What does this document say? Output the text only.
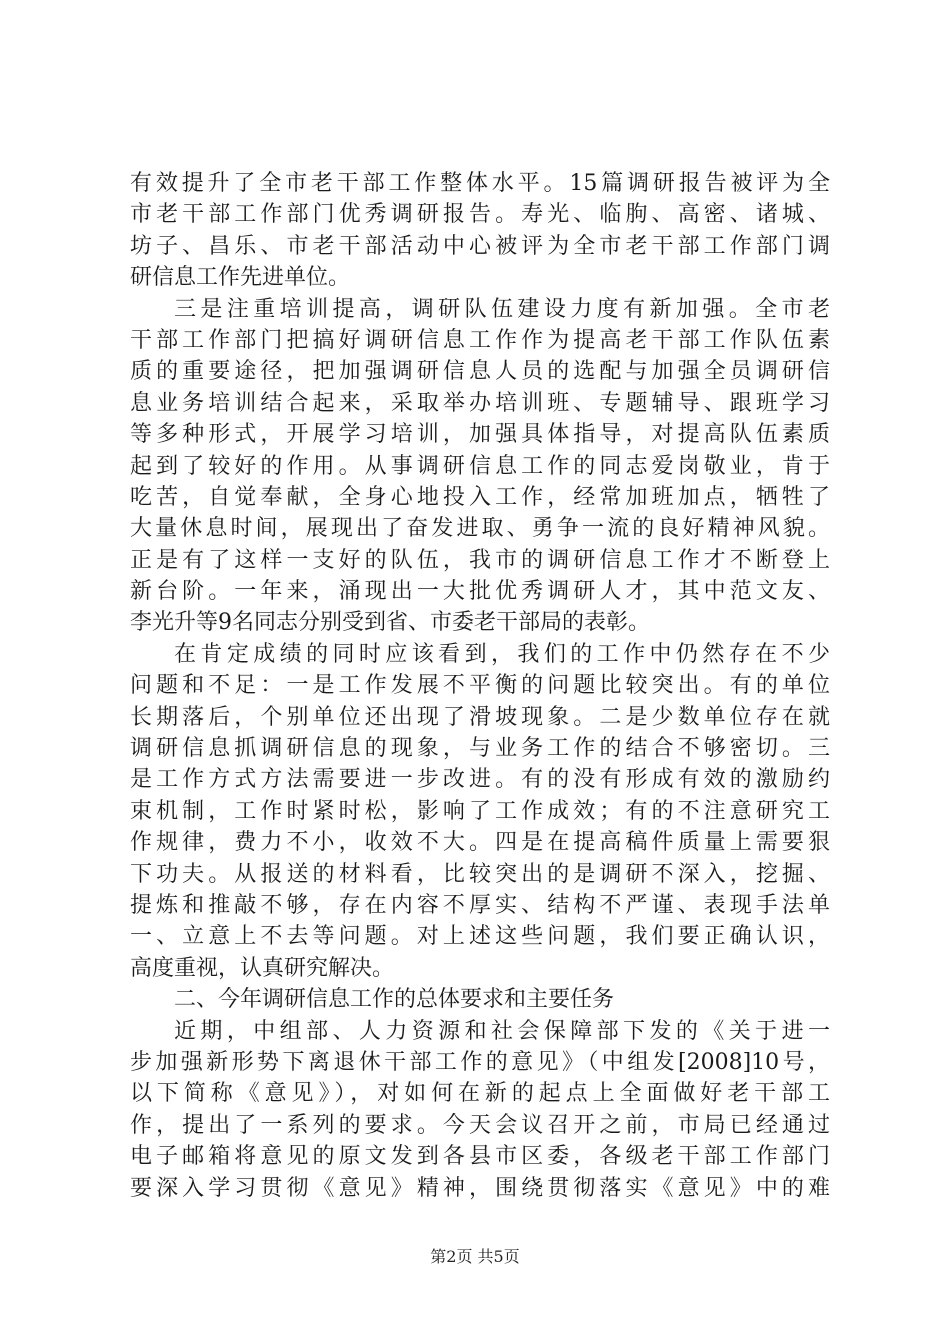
有效提升了全市老干部工作整体水平。15篇调研报告被评为全
市老干部工作部门优秀调研报告。寿光、临朐、高密、诸城、
坊子、昌乐、市老干部活动中心被评为全市老干部工作部门调
研信息工作先进单位。
三是注重培训提高，调研队伍建设力度有新加强。全市老
干部工作部门把搞好调研信息工作作为提高老干部工作队伍素
质的重要途径，把加强调研信息人员的选配与加强全员调研信
息业务培训结合起来，采取举办培训班、专题辅导、跟班学习
等多种形式，开展学习培训，加强具体指导，对提高队伍素质
起到了较好的作用。从事调研信息工作的同志爱岗敬业，肯于
吃苦，自觉奉献，全身心地投入工作，经常加班加点，牺牲了
大量休息时间，展现出了奋发进取、勇争一流的良好精神风貌。
正是有了这样一支好的队伍，我市的调研信息工作才不断登上
新台阶。一年来，涌现出一大批优秀调研人才，其中范文友、
李光升等9名同志分别受到省、市委老干部局的表彰。
在肯定成绩的同时应该看到，我们的工作中仍然存在不少
问题和不足：一是工作发展不平衡的问题比较突出。有的单位
长期落后，个别单位还出现了滑坡现象。二是少数单位存在就
调研信息抓调研信息的现象，与业务工作的结合不够密切。三
是工作方式方法需要进一步改进。有的没有形成有效的激励约
束机制，工作时紧时松，影响了工作成效；有的不注意研究工
作规律，费力不小，收效不大。四是在提高稿件质量上需要狠
下功夫。从报送的材料看，比较突出的是调研不深入，挖掘、
提炼和推敲不够，存在内容不厚实、结构不严谨、表现手法单
一、立意上不去等问题。对上述这些问题，我们要正确认识，
高度重视，认真研究解决。
二、今年调研信息工作的总体要求和主要任务
近期，中组部、人力资源和社会保障部下发的《关于进一
步加强新形势下离退休干部工作的意见》（中组发[2008]10号，
以下简称《意见》），对如何在新的起点上全面做好老干部工
作，提出了一系列的要求。今天会议召开之前，市局已经通过
电子邮箱将意见的原文发到各县市区委，各级老干部工作部门
要深入学习贯彻《意见》精神，围绕贯彻落实《意见》中的难
第2页 共5页
